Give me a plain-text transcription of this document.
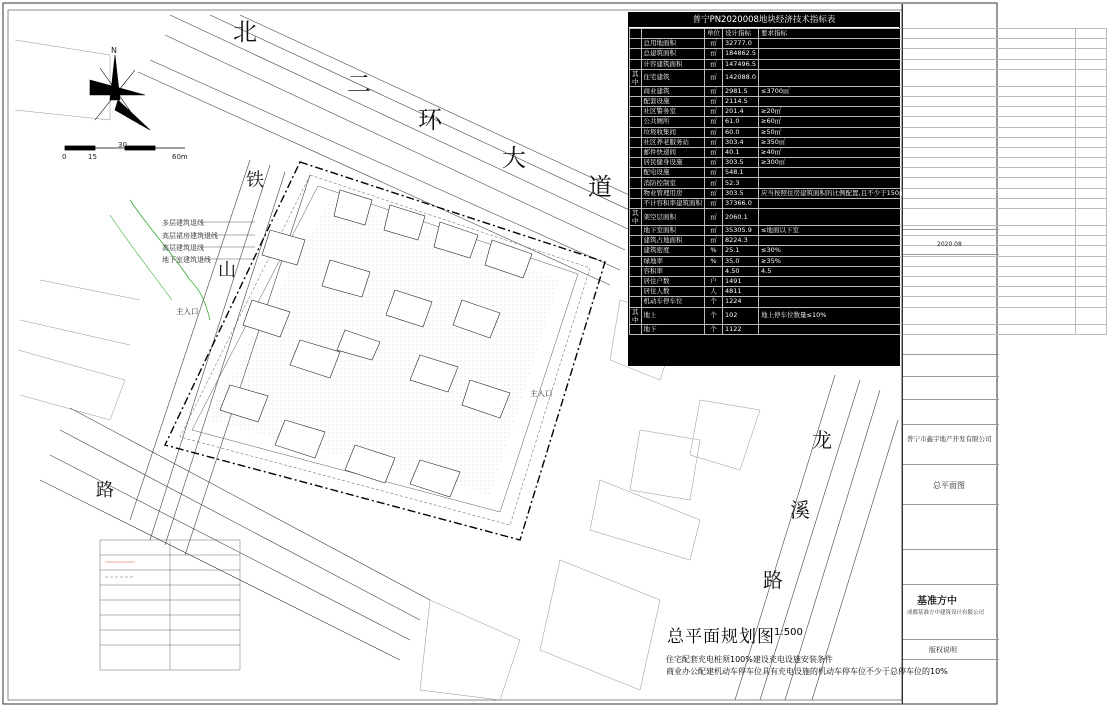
北
二
环
大
道
铁
山
路
龙
溪
路
N
0	15
30
60m
多层建筑退线
高层裙房建筑退线
高层建筑退线
地下室建筑退线
主入口
主入口
普宁PN2020008地块经济技术指标表
		单位	设计指标	要求指标	备注
	总用地面积	㎡	32777.0		
	总建筑面积	㎡	184862.5		
	计容建筑面积	㎡	147496.5		
其中	住宅建筑	㎡	142088.0		
	商业建筑	㎡	2981.5	≤3700㎡	
	配套设施	㎡	2114.5		
	社区警务室	㎡	201.4	≥20㎡	
	公共厕所	㎡	61.0	≥60㎡	
	垃圾收集间	㎡	60.0	≥50㎡	
	社区养老服务站	㎡	303.4	≥350㎡	
	邮件快递间	㎡	40.1	≥40㎡	
	居民健身设施	㎡	303.5	≥300㎡	
	配电设施	㎡	548.1		
	消防控制室	㎡	52.3		
	物业管理用房	㎡	303.5	应当按照住房建筑面积的比例配置,且不少于150㎡,社区专业服务站使用面积不少于120㎡,且结合不少于70㎡	
	不计容积率建筑面积	㎡	37366.0		
其中	架空层面积	㎡	2060.1		
	地下室面积	㎡	35305.9	≤地面以下室	
	建筑占地面积	㎡	8224.3		
	建筑密度	%	25.1	≤30%	
	绿地率	%	35.0	≥35%	
	容积率		4.50	4.5	
	居住户数	户	1491		3.2人/户
	居住人数	人	4811		
	机动车停车位	个	1224		
其中	地上	个	102	地上停车位数量≤10%	
	地下	个	1122		
2020.08
普宁市鑫宇地产开发有限公司
总平面图
基准方中
成都基准方中建筑设计有限公司
版权说明
总平面规划图 1:500
住宅配套充电桩须100%建设充电设施安装条件
商业办公配建机动车停车位具有充电设施的机动车停车位不少于总停车位的10%
